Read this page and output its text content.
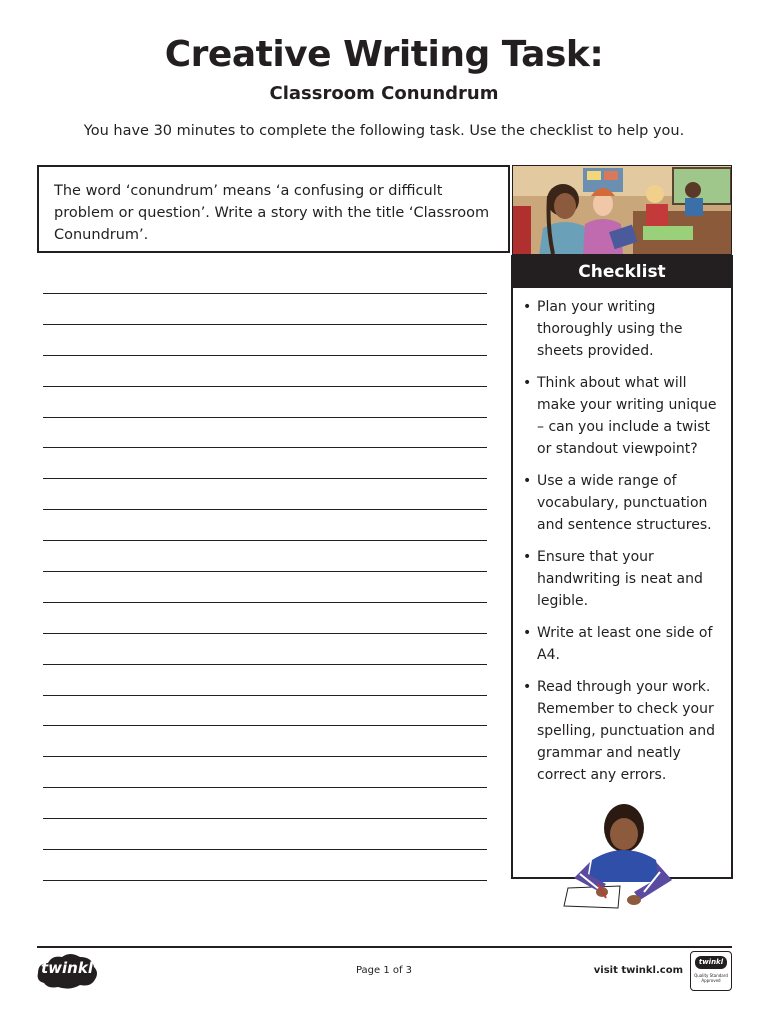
Creative Writing Task:
Classroom Conundrum
You have 30 minutes to complete the following task. Use the checklist to help you.
The word ‘conundrum’ means ‘a confusing or difficult problem or question’. Write a story with the title ‘Classroom Conundrum’.
Checklist
• Plan your writing thoroughly using the sheets provided.
• Think about what will make your writing unique – can you include a twist or standout viewpoint?
• Use a wide range of vocabulary, punctuation and sentence structures.
• Ensure that your handwriting is neat and legible.
• Write at least one side of A4.
• Read through your work. Remember to check your spelling, punctuation and grammar and neatly correct any errors.
twinkl	Page 1 of 3	visit twinkl.com
twinkl
Quality Standard Approved
